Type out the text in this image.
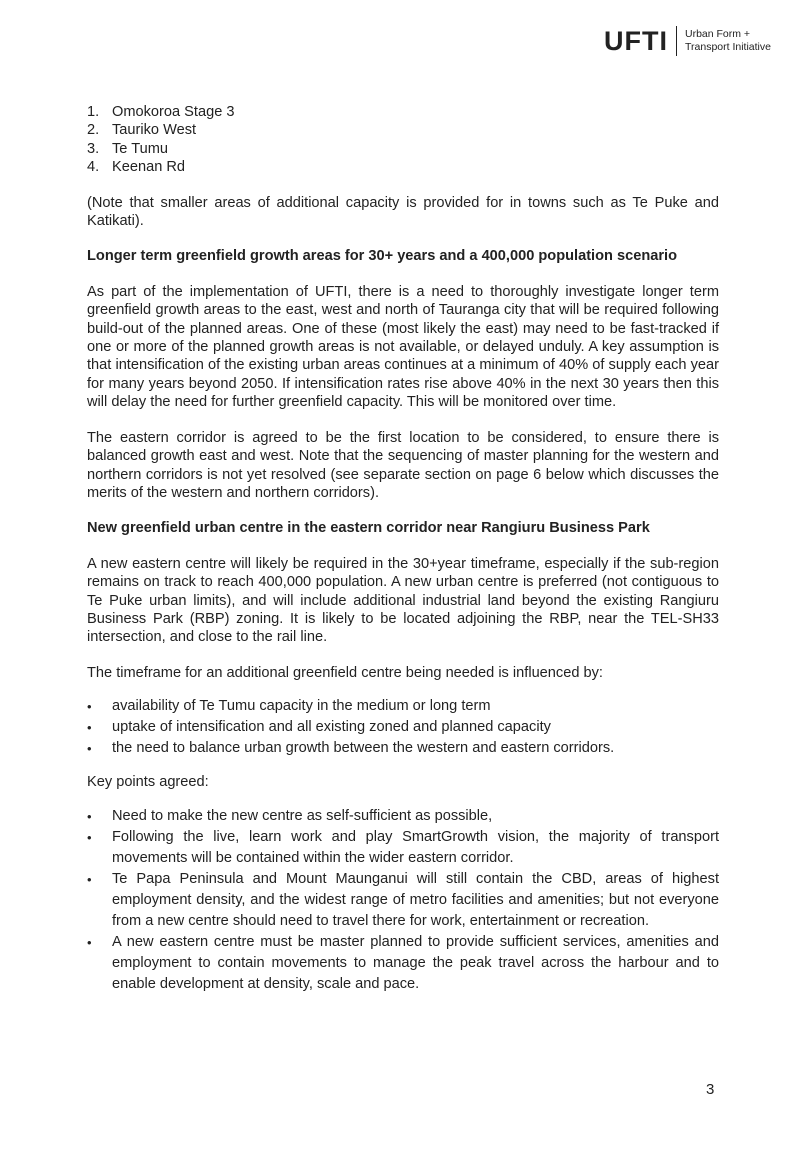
UFTI Urban Form +
Transport Initiative
1. Omokoroa Stage 3
2. Tauriko West
3. Te Tumu
4. Keenan Rd

(Note that smaller areas of additional capacity is provided for in towns such as Te Puke and Katikati).

Longer term greenfield growth areas for 30+ years and a 400,000 population scenario

As part of the implementation of UFTI, there is a need to thoroughly investigate longer term greenfield growth areas to the east, west and north of Tauranga city that will be required following build-out of the planned areas. One of these (most likely the east) may need to be fast-tracked if one or more of the planned growth areas is not available, or delayed unduly. A key assumption is that intensification of the existing urban areas continues at a minimum of 40% of supply each year for many years beyond 2050. If intensification rates rise above 40% in the next 30 years then this will delay the need for further greenfield capacity. This will be monitored over time.

The eastern corridor is agreed to be the first location to be considered, to ensure there is balanced growth east and west. Note that the sequencing of master planning for the western and northern corridors is not yet resolved (see separate section on page 6 below which discusses the merits of the western and northern corridors).

New greenfield urban centre in the eastern corridor near Rangiuru Business Park

A new eastern centre will likely be required in the 30+year timeframe, especially if the sub-region remains on track to reach 400,000 population. A new urban centre is preferred (not contiguous to Te Puke urban limits), and will include additional industrial land beyond the existing Rangiuru Business Park (RBP) zoning. It is likely to be located adjoining the RBP, near the TEL-SH33 intersection, and close to the rail line.

The timeframe for an additional greenfield centre being needed is influenced by:

•	availability of Te Tumu capacity in the medium or long term
•	uptake of intensification and all existing zoned and planned capacity
•	the need to balance urban growth between the western and eastern corridors.

Key points agreed:

•	Need to make the new centre as self-sufficient as possible,
•	Following the live, learn work and play SmartGrowth vision, the majority of transport movements will be contained within the wider eastern corridor.
•	Te Papa Peninsula and Mount Maunganui will still contain the CBD, areas of highest employment density, and the widest range of metro facilities and amenities; but not everyone from a new centre should need to travel there for work, entertainment or recreation.
•	A new eastern centre must be master planned to provide sufficient services, amenities and employment to contain movements to manage the peak travel across the harbour and to enable development at density, scale and pace.
3
